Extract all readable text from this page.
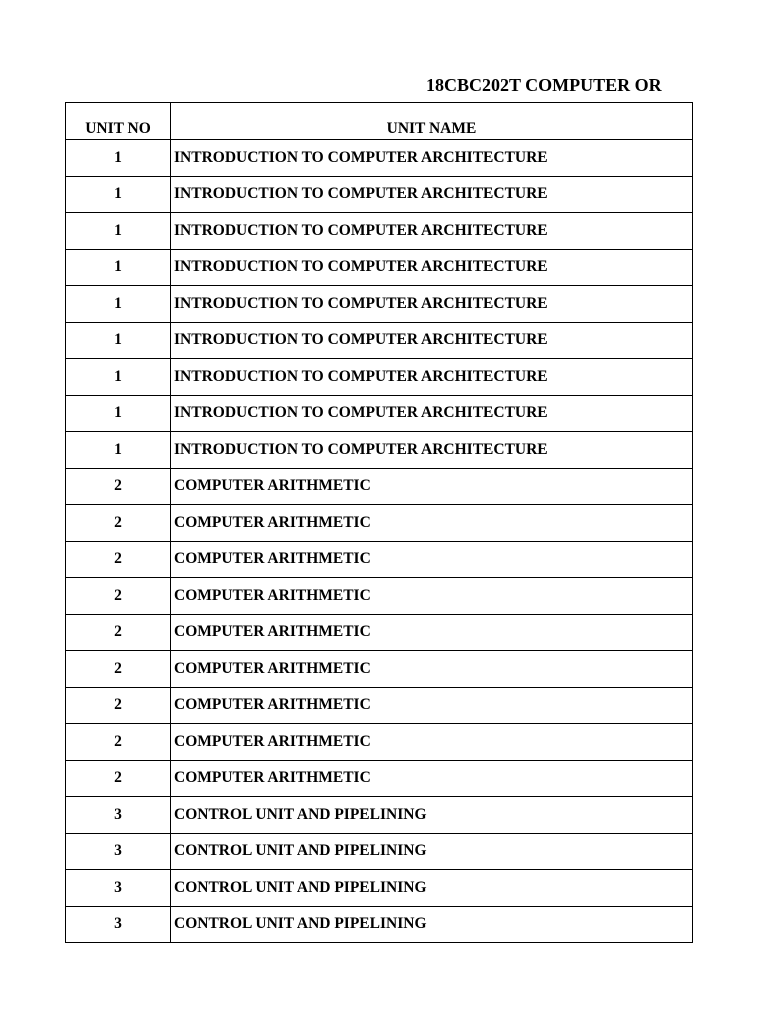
18CBC202T COMPUTER OR
UNIT NO	UNIT NAME
1	INTRODUCTION TO COMPUTER ARCHITECTURE
1	INTRODUCTION TO COMPUTER ARCHITECTURE
1	INTRODUCTION TO COMPUTER ARCHITECTURE
1	INTRODUCTION TO COMPUTER ARCHITECTURE
1	INTRODUCTION TO COMPUTER ARCHITECTURE
1	INTRODUCTION TO COMPUTER ARCHITECTURE
1	INTRODUCTION TO COMPUTER ARCHITECTURE
1	INTRODUCTION TO COMPUTER ARCHITECTURE
1	INTRODUCTION TO COMPUTER ARCHITECTURE
2	COMPUTER ARITHMETIC
2	COMPUTER ARITHMETIC
2	COMPUTER ARITHMETIC
2	COMPUTER ARITHMETIC
2	COMPUTER ARITHMETIC
2	COMPUTER ARITHMETIC
2	COMPUTER ARITHMETIC
2	COMPUTER ARITHMETIC
2	COMPUTER ARITHMETIC
3	CONTROL UNIT AND PIPELINING
3	CONTROL UNIT AND PIPELINING
3	CONTROL UNIT AND PIPELINING
3	CONTROL UNIT AND PIPELINING
